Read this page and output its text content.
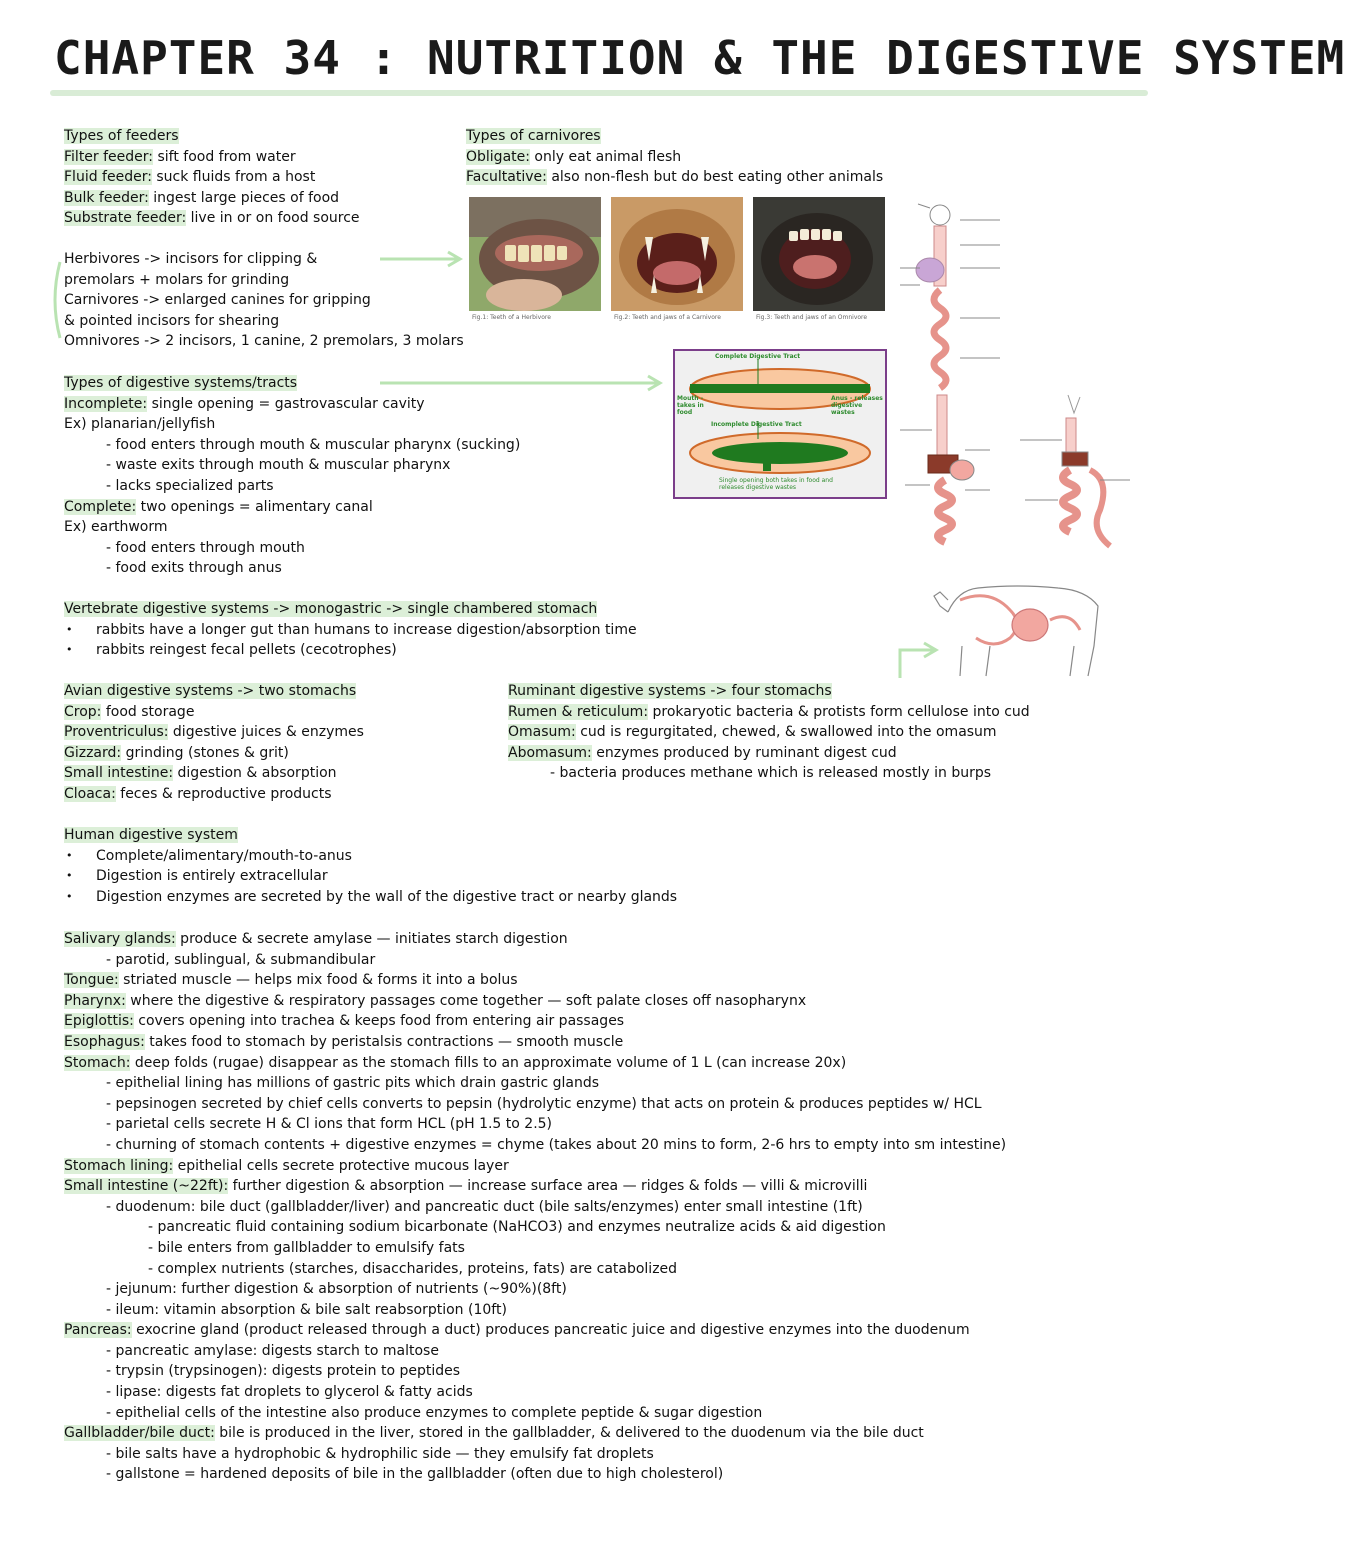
CHAPTER 34 : NUTRITION & THE DIGESTIVE SYSTEM
Types of feeders
Filter feeder: sift food from water
Fluid feeder: suck fluids from a host
Bulk feeder: ingest large pieces of food
Substrate feeder: live in or on food source
Types of carnivores
Obligate: only eat animal flesh
Facultative: also non-flesh but do best eating other animals
Herbivores -> incisors for clipping &
premolars + molars for grinding
Carnivores -> enlarged canines for gripping
& pointed incisors for shearing
Omnivores -> 2 incisors, 1 canine, 2 premolars, 3 molars
Fig.1: Teeth of a Herbivore	Fig.2: Teeth and jaws of a Carnivore	Fig.3: Teeth and jaws of an Omnivore
Complete Digestive Tract
Mouth - takes in food
Anus - releases digestive wastes
Incomplete Digestive Tract
Single opening both takes in food and releases digestive wastes
Types of digestive systems/tracts
Incomplete: single opening = gastrovascular cavity
Ex) planarian/jellyfish
- food enters through mouth & muscular pharynx (sucking)
- waste exits through mouth & muscular pharynx
- lacks specialized parts
Complete: two openings = alimentary canal
Ex) earthworm
- food enters through mouth
- food exits through anus
Vertebrate digestive systems -> monogastric -> single chambered stomach
• rabbits have a longer gut than humans to increase digestion/absorption time
• rabbits reingest fecal pellets (cecotrophes)
Avian digestive systems -> two stomachs
Crop: food storage
Proventriculus: digestive juices & enzymes
Gizzard: grinding (stones & grit)
Small intestine: digestion & absorption
Cloaca: feces & reproductive products
Ruminant digestive systems -> four stomachs
Rumen & reticulum: prokaryotic bacteria & protists form cellulose into cud
Omasum: cud is regurgitated, chewed, & swallowed into the omasum
Abomasum: enzymes produced by ruminant digest cud
- bacteria produces methane which is released mostly in burps
Human digestive system
• Complete/alimentary/mouth-to-anus
• Digestion is entirely extracellular
• Digestion enzymes are secreted by the wall of the digestive tract or nearby glands
Salivary glands: produce & secrete amylase — initiates starch digestion
- parotid, sublingual, & submandibular
Tongue: striated muscle — helps mix food & forms it into a bolus
Pharynx: where the digestive & respiratory passages come together — soft palate closes off nasopharynx
Epiglottis: covers opening into trachea & keeps food from entering air passages
Esophagus: takes food to stomach by peristalsis contractions — smooth muscle
Stomach: deep folds (rugae) disappear as the stomach fills to an approximate volume of 1 L (can increase 20x)
- epithelial lining has millions of gastric pits which drain gastric glands
- pepsinogen secreted by chief cells converts to pepsin (hydrolytic enzyme) that acts on protein & produces peptides w/ HCL
- parietal cells secrete H & Cl ions that form HCL (pH 1.5 to 2.5)
- churning of stomach contents + digestive enzymes = chyme (takes about 20 mins to form, 2-6 hrs to empty into sm intestine)
Stomach lining: epithelial cells secrete protective mucous layer
Small intestine (~22ft): further digestion & absorption — increase surface area — ridges & folds — villi & microvilli
- duodenum: bile duct (gallbladder/liver) and pancreatic duct (bile salts/enzymes) enter small intestine (1ft)
- pancreatic fluid containing sodium bicarbonate (NaHCO3) and enzymes neutralize acids & aid digestion
- bile enters from gallbladder to emulsify fats
- complex nutrients (starches, disaccharides, proteins, fats) are catabolized
- jejunum: further digestion & absorption of nutrients (~90%)(8ft)
- ileum: vitamin absorption & bile salt reabsorption (10ft)
Pancreas: exocrine gland (product released through a duct) produces pancreatic juice and digestive enzymes into the duodenum
- pancreatic amylase: digests starch to maltose
- trypsin (trypsinogen): digests protein to peptides
- lipase: digests fat droplets to glycerol & fatty acids
- epithelial cells of the intestine also produce enzymes to complete peptide & sugar digestion
Gallbladder/bile duct: bile is produced in the liver, stored in the gallbladder, & delivered to the duodenum via the bile duct
- bile salts have a hydrophobic & hydrophilic side — they emulsify fat droplets
- gallstone = hardened deposits of bile in the gallbladder (often due to high cholesterol)
